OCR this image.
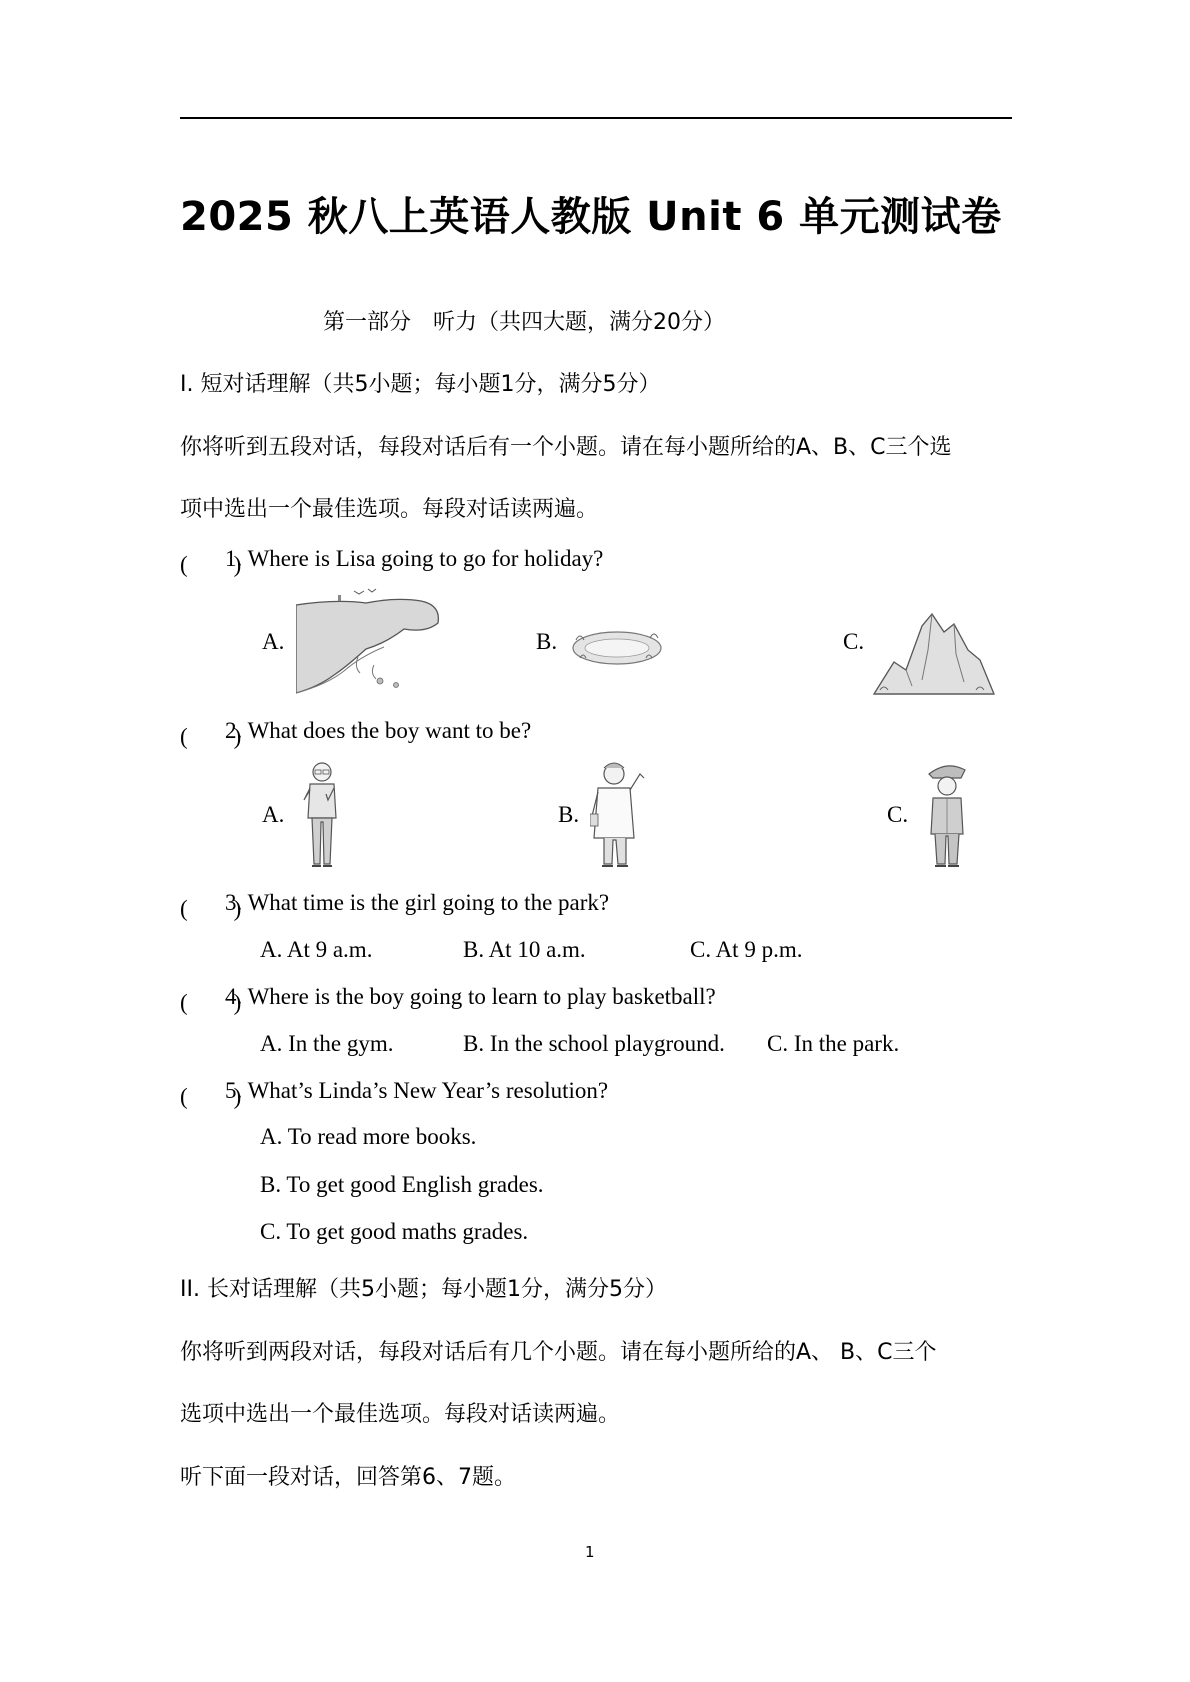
2025 秋八上英语人教版 Unit 6 单元测试卷
第一部分　听力（共四大题，满分20分）
I. 短对话理解（共5小题；每小题1分，满分5分）
你将听到五段对话，每段对话后有一个小题。请在每小题所给的A、B、C三个选
项中选出一个最佳选项。每段对话读两遍。
(　　)
1. Where is Lisa going to go for holiday?
A.	B.	C.
(　　)
2. What does the boy want to be?
A.	B.	C.
(　　)
3. What time is the girl going to the park?
A. At 9 a.m.	B. At 10 a.m.	C. At 9 p.m.
(　　)
4. Where is the boy going to learn to play basketball?
A. In the gym.	B. In the school playground. C. In the park.
(　　)
5. What’s Linda’s New Year’s resolution?
A. To read more books.
B. To get good English grades.
C. To get good maths grades.
II. 长对话理解（共5小题；每小题1分，满分5分）
你将听到两段对话，每段对话后有几个小题。请在每小题所给的A、 B、C三个
选项中选出一个最佳选项。每段对话读两遍。
听下面一段对话，回答第6、7题。
1
